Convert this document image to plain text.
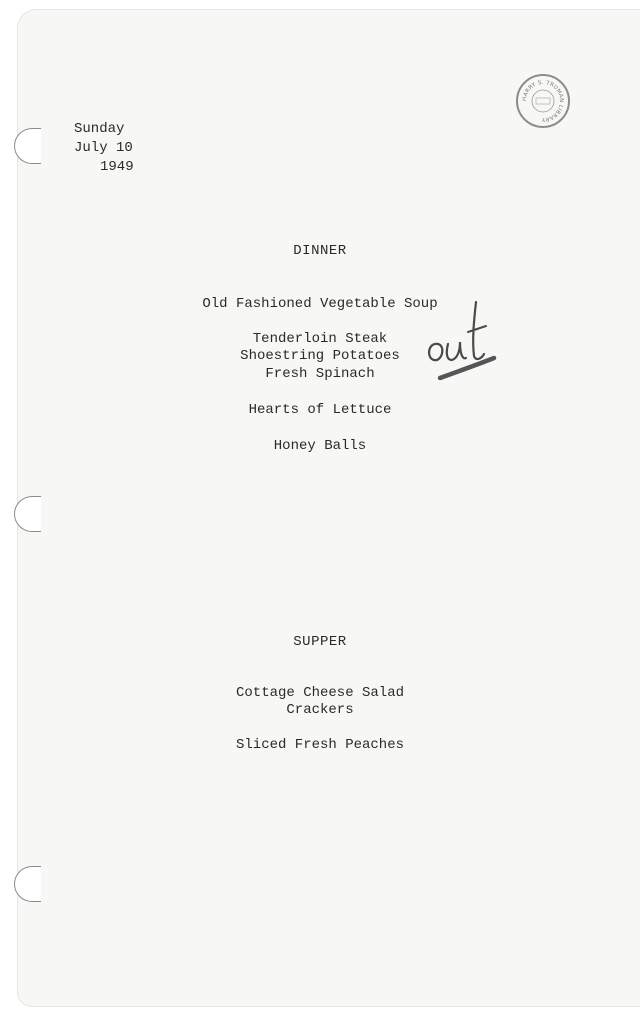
Sunday
July 10
1949
HARRY S. TRUMAN LIBRARY
DINNER
Old Fashioned Vegetable Soup
Tenderloin Steak
Shoestring Potatoes
Fresh Spinach
Hearts of Lettuce
Honey Balls
SUPPER
Cottage Cheese Salad
Crackers
Sliced Fresh Peaches
